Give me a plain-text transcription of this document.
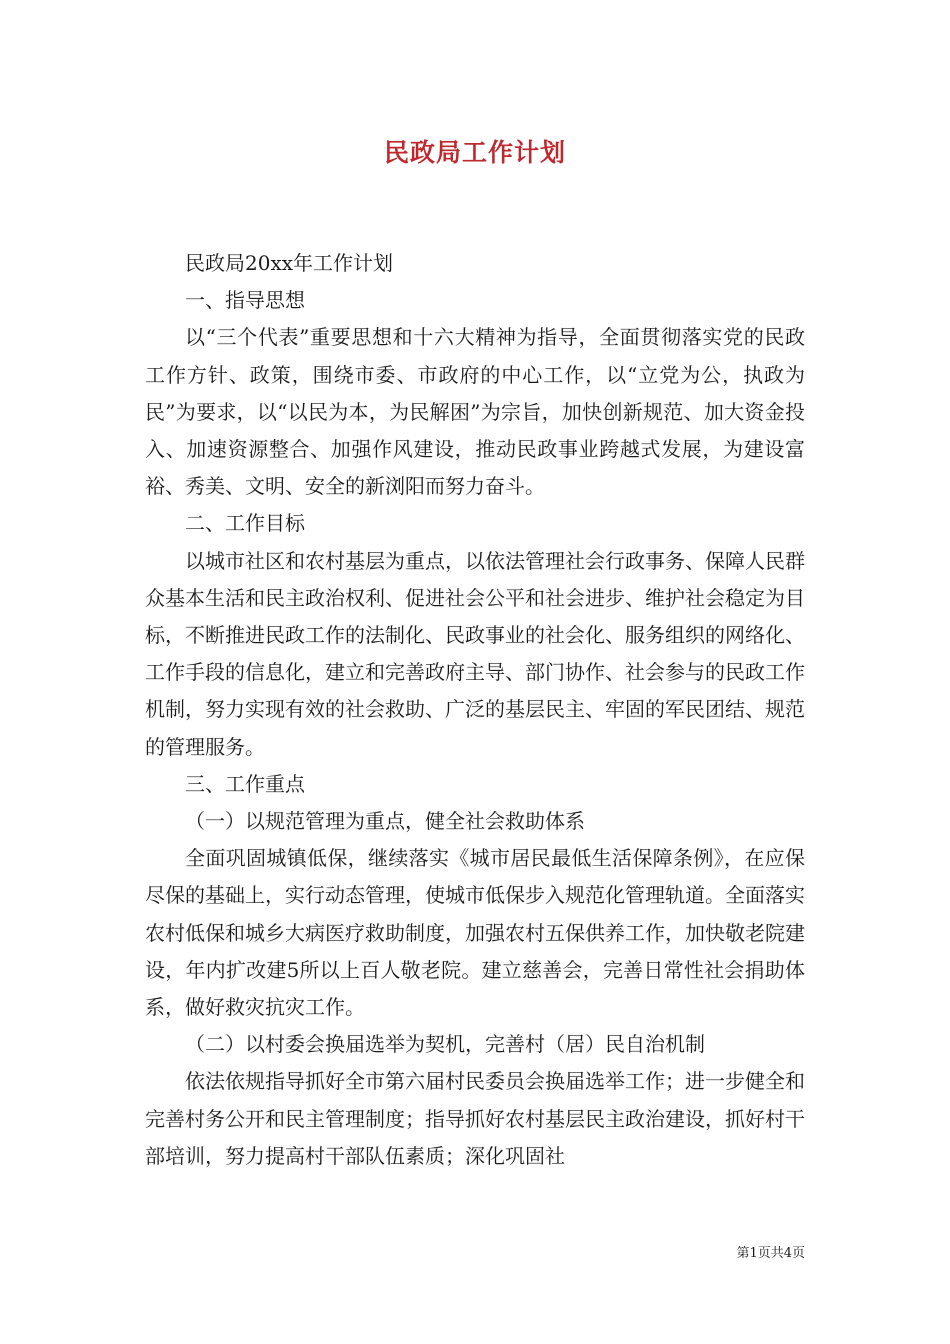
民政局工作计划

民政局20xx年工作计划

一、指导思想

以“三个代表”重要思想和十六大精神为指导，全面贯彻落实党的民政工作方针、政策，围绕市委、市政府的中心工作，以“立党为公，执政为民”为要求，以“以民为本，为民解困”为宗旨，加快创新规范、加大资金投入、加速资源整合、加强作风建设，推动民政事业跨越式发展，为建设富裕、秀美、文明、安全的新浏阳而努力奋斗。

二、工作目标

以城市社区和农村基层为重点，以依法管理社会行政事务、保障人民群众基本生活和民主政治权利、促进社会公平和社会进步、维护社会稳定为目标，不断推进民政工作的法制化、民政事业的社会化、服务组织的网络化、工作手段的信息化，建立和完善政府主导、部门协作、社会参与的民政工作机制，努力实现有效的社会救助、广泛的基层民主、牢固的军民团结、规范的管理服务。

三、工作重点

（一）以规范管理为重点，健全社会救助体系

全面巩固城镇低保，继续落实《城市居民最低生活保障条例》，在应保尽保的基础上，实行动态管理，使城市低保步入规范化管理轨道。全面落实农村低保和城乡大病医疗救助制度，加强农村五保供养工作，加快敬老院建设，年内扩改建5所以上百人敬老院。建立慈善会，完善日常性社会捐助体系，做好救灾抗灾工作。

（二）以村委会换届选举为契机，完善村（居）民自治机制

依法依规指导抓好全市第六届村民委员会换届选举工作；进一步健全和完善村务公开和民主管理制度；指导抓好农村基层民主政治建设，抓好村干部培训，努力提高村干部队伍素质；深化巩固社

第1页共4页
